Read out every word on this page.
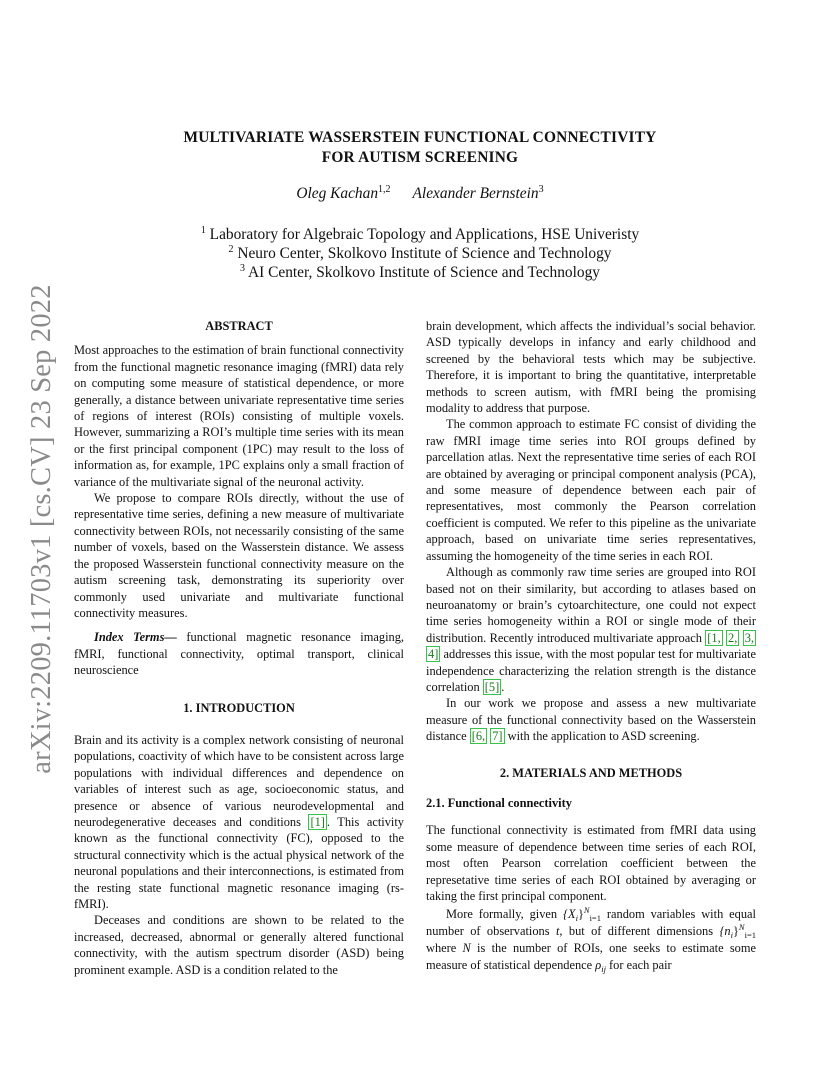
arXiv:2209.11703v1 [cs.CV] 23 Sep 2022
MULTIVARIATE WASSERSTEIN FUNCTIONAL CONNECTIVITY
FOR AUTISM SCREENING
Oleg Kachan$^{1,2}$ Alexander Bernstein$^3$
$^1$ Laboratory for Algebraic Topology and Applications, HSE Univeristy
$^2$ Neuro Center, Skolkovo Institute of Science and Technology
$^3$ AI Center, Skolkovo Institute of Science and Technology
ABSTRACT

Most approaches to the estimation of brain functional connectivity from the functional magnetic resonance imaging (fMRI) data rely on computing some measure of statistical dependence, or more generally, a distance between univariate representative time series of regions of interest (ROIs) consisting of multiple voxels. However, summarizing a ROI’s multiple time series with its mean or the first principal component (1PC) may result to the loss of information as, for example, 1PC explains only a small fraction of variance of the multivariate signal of the neuronal activity.

We propose to compare ROIs directly, without the use of representative time series, defining a new measure of multivariate connectivity between ROIs, not necessarily consisting of the same number of voxels, based on the Wasserstein distance. We assess the proposed Wasserstein functional connectivity measure on the autism screening task, demonstrating its superiority over commonly used univariate and multivariate functional connectivity measures.

Index Terms— functional magnetic resonance imaging, fMRI, functional connectivity, optimal transport, clinical neuroscience

1. INTRODUCTION

Brain and its activity is a complex network consisting of neuronal populations, coactivity of which have to be consistent across large populations with individual differences and dependence on variables of interest such as age, socioeconomic status, and presence or absence of various neurodevelopmental and neurodegenerative deceases and conditions [1] . This activity known as the functional connectivity (FC), opposed to the structural connectivity which is the actual physical network of the neuronal populations and their interconnections, is estimated from the resting state functional magnetic resonance imaging (rs-fMRI).

Deceases and conditions are shown to be related to the increased, decreased, abnormal or generally altered functional connectivity, with the autism spectrum disorder (ASD) being prominent example. ASD is a condition related to the

brain development, which affects the individual’s social behavior. ASD typically develops in infancy and early childhood and screened by the behavioral tests which may be subjective. Therefore, it is important to bring the quantitative, interpretable methods to screen autism, with fMRI being the promising modality to address that purpose.

The common approach to estimate FC consist of dividing the raw fMRI image time series into ROI groups defined by parcellation atlas. Next the representative time series of each ROI are obtained by averaging or principal component analysis (PCA), and some measure of dependence between each pair of representatives, most commonly the Pearson correlation coefficient is computed. We refer to this pipeline as the univariate approach, based on univariate time series representatives, assuming the homogeneity of the time series in each ROI.

Although as commonly raw time series are grouped into ROI based not on their similarity, but according to atlases based on neuroanatomy or brain’s cytoarchitecture, one could not expect time series homogeneity within a ROI or single mode of their distribution. Recently introduced multivariate approach [1, 2, 3, 4] addresses this issue, with the most popular test for multivariate independence characterizing the relation strength is the distance correlation [5] .

In our work we propose and assess a new multivariate measure of the functional connectivity based on the Wasserstein distance [6, 7] with the application to ASD screening.

2. MATERIALS AND METHODS
2.1. Functional connectivity

The functional connectivity is estimated from fMRI data using some measure of dependence between time series of each ROI, most often Pearson correlation coefficient between the represetative time series of each ROI obtained by averaging or taking the first principal component.

More formally, given $\{X_i\}^N_{i=1}$ random variables with equal number of observations t, but of different dimensions $\{n_i\}^N_{i=1}$ where N is the number of ROIs, one seeks to estimate some measure of statistical dependence $\rho_{ij}$ for each pair
